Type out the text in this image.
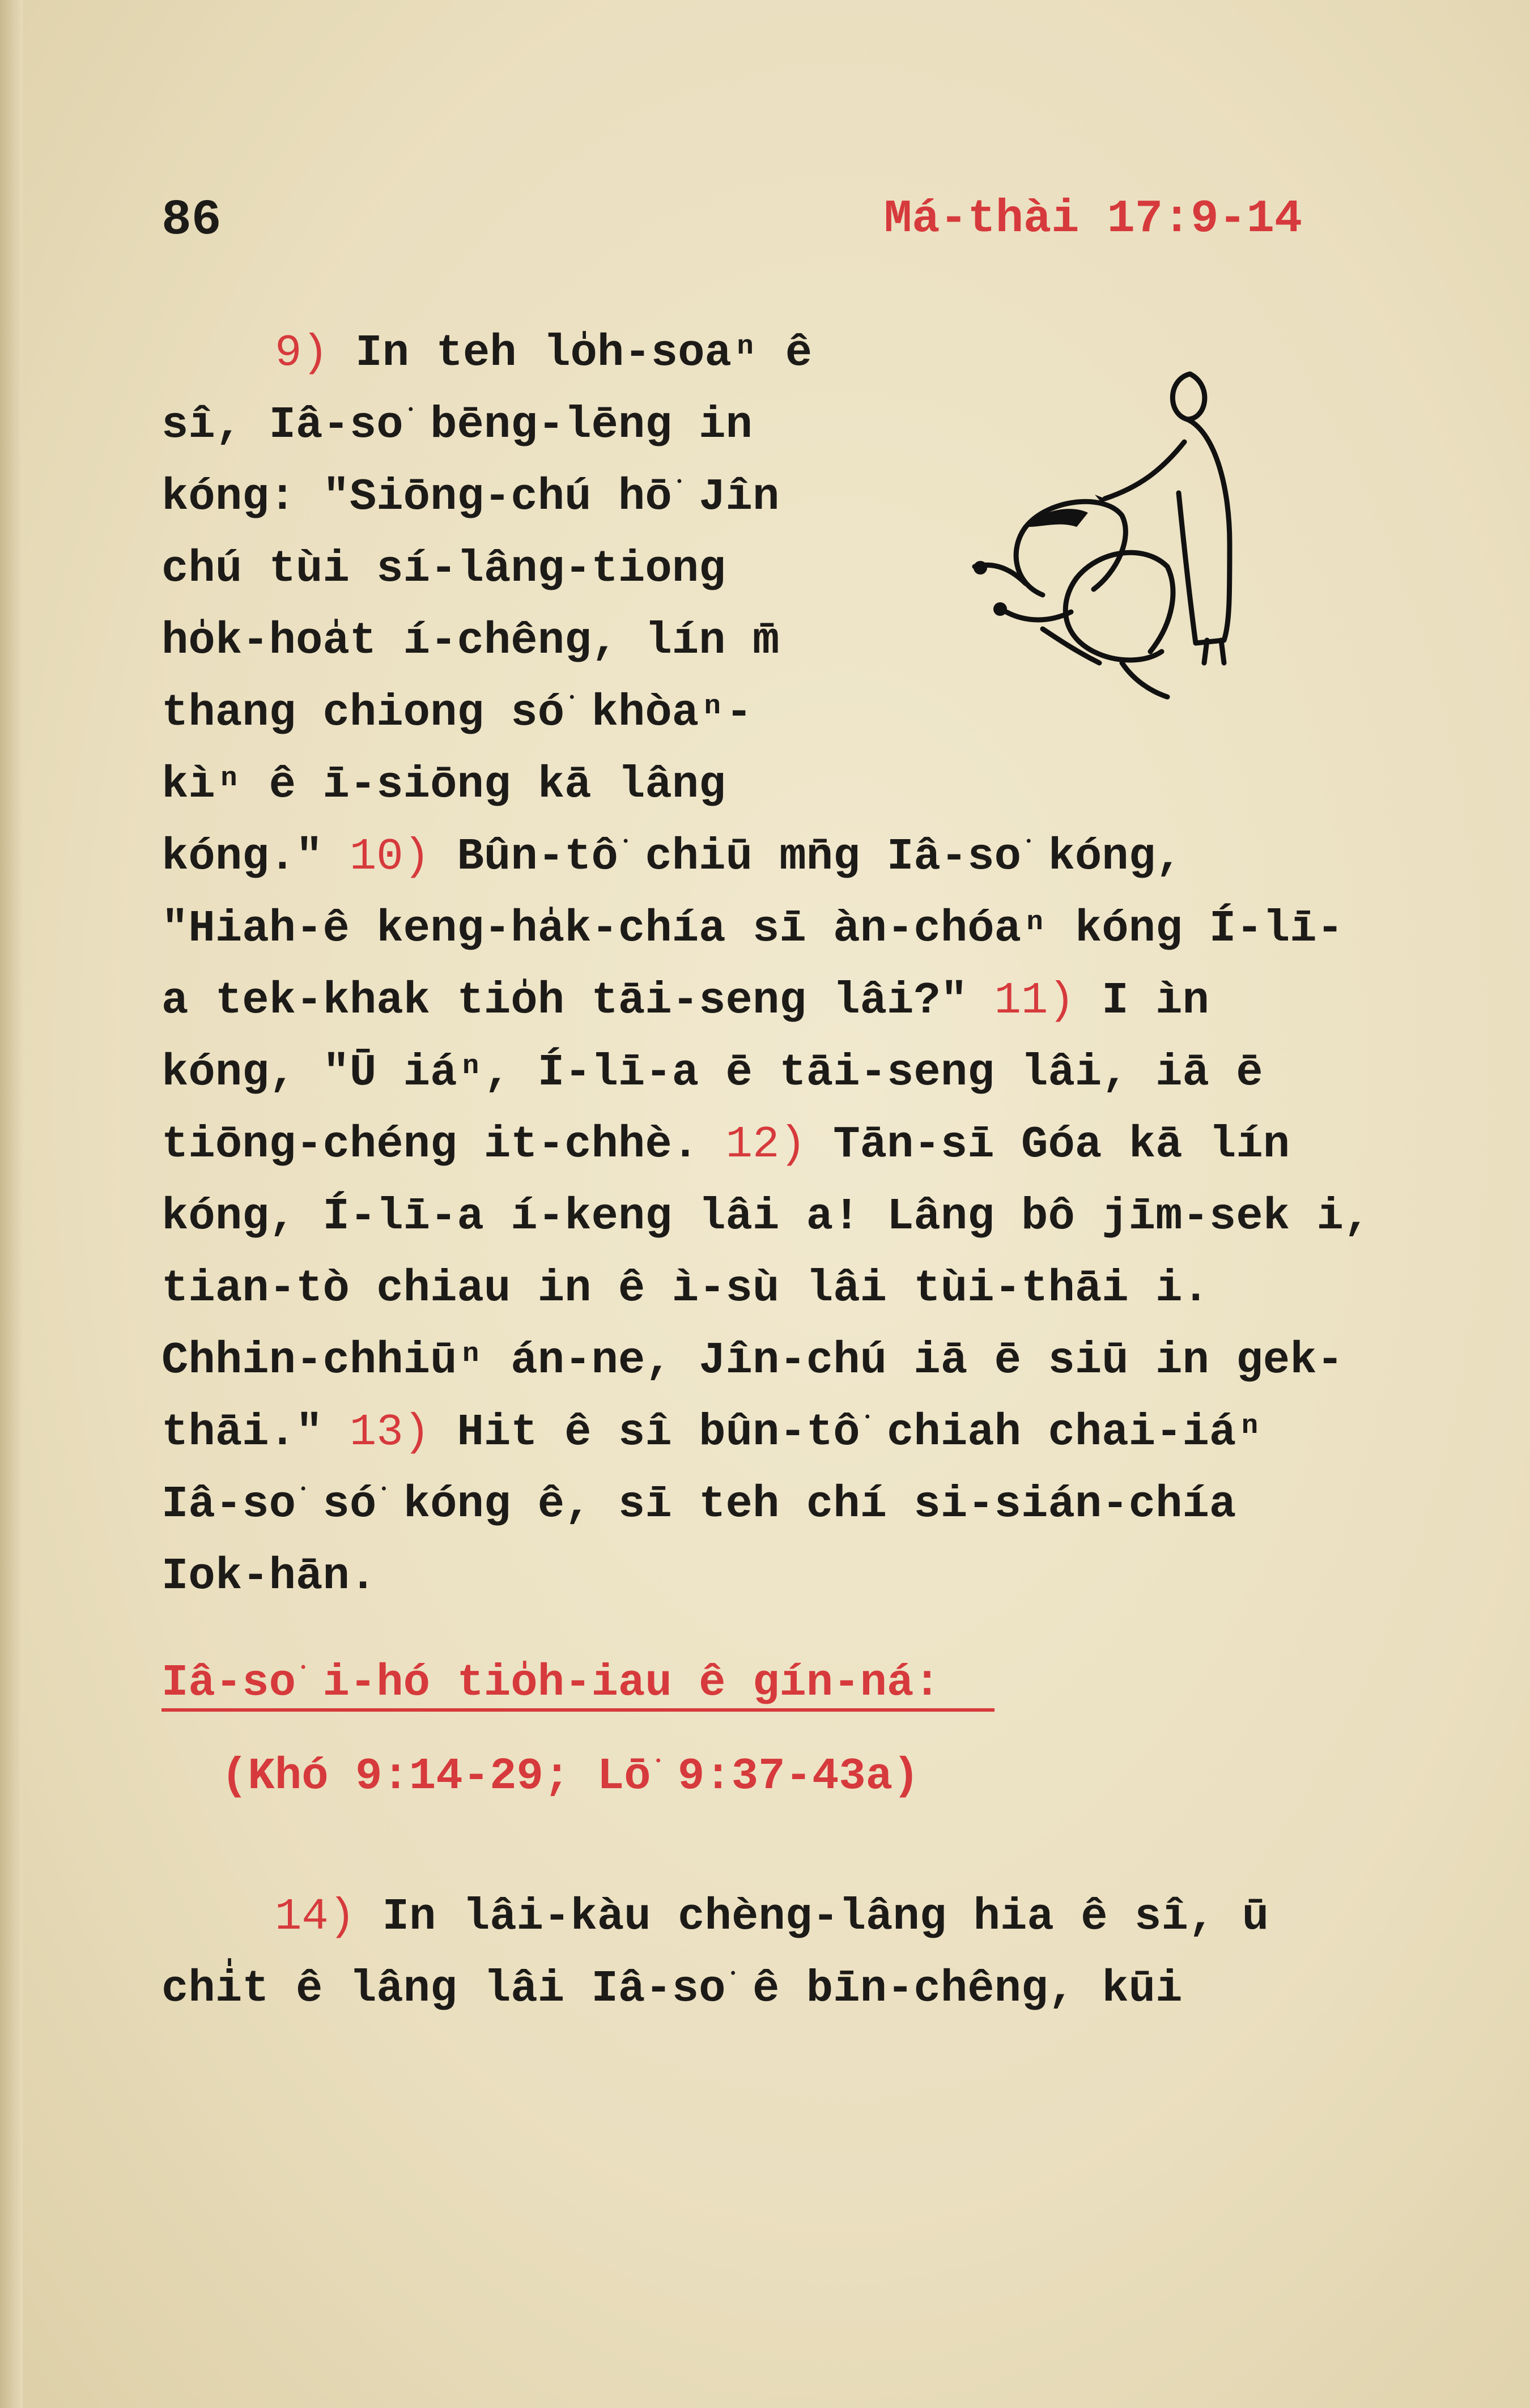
86	Má-thài 17:9-14
9) In teh lo̍h-soaⁿ ê
sî, Iâ-so͘ bēng-lēng in
kóng: "Siōng-chú hō͘ Jîn
chú tùi sí-lâng-tiong
ho̍k-hoa̍t í-chêng, lín m̄
thang chiong só͘ khòaⁿ-
kìⁿ ê ī-siōng kā lâng
kóng." 10) Bûn-tô͘ chiū mn̄g Iâ-so͘ kóng,
"Hiah-ê keng-ha̍k-chía sī àn-chóaⁿ kóng Í-lī-
a tek-khak tio̍h tāi-seng lâi?" 11) I ìn
kóng, "Ū iáⁿ, Í-lī-a ē tāi-seng lâi, iā ē
tiōng-chéng it-chhè. 12) Tān-sī Góa kā lín
kóng, Í-lī-a í-keng lâi a! Lâng bô jīm-sek i,
tian-tò chiau in ê ì-sù lâi tùi-thāi i.
Chhin-chhiūⁿ án-ne, Jîn-chú iā ē siū in gek-
thāi." 13) Hit ê sî bûn-tô͘ chiah chai-iáⁿ
Iâ-so͘ só͘ kóng ê, sī teh chí si-sián-chía
Iok-hān.
Iâ-so͘ i-hó tio̍h-iau ê gín-ná:
(Khó 9:14-29; Lō͘ 9:37-43a)
14) In lâi-kàu chèng-lâng hia ê sî, ū
chi̍t ê lâng lâi Iâ-so͘ ê bīn-chêng, kūi
